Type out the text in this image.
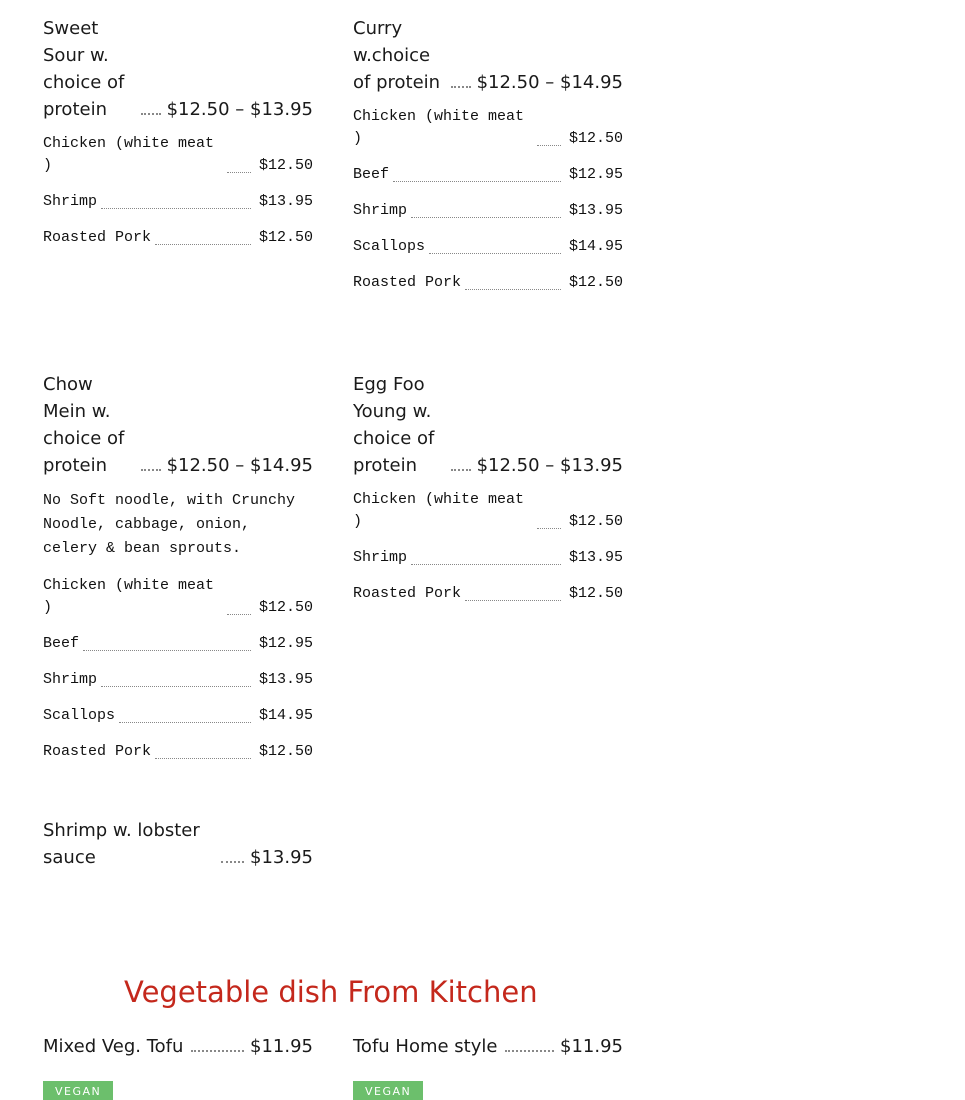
Sweet Sour w. choice of protein	$12.50 – $13.95
Chicken (white meat )	$12.50
Shrimp	$13.95
Roasted Pork	$12.50
Curry w.choice of protein $12.50 – $14.95
Chicken (white meat )	$12.50
Beef	$12.95
Shrimp	$13.95
Scallops	$14.95
Roasted Pork	$12.50
Chow Mein w. choice of protein	$12.50 – $14.95
No Soft noodle, with Crunchy Noodle, cabbage, onion, celery & bean sprouts.
Chicken (white meat )	$12.50
Beef	$12.95
Shrimp	$13.95
Scallops	$14.95
Roasted Pork	$12.50
Egg Foo Young w. choice of protein	$12.50 – $13.95
Chicken (white meat )	$12.50
Shrimp	$13.95
Roasted Pork	$12.50
Shrimp w. lobster sauce	$13.95
Vegetable dish From Kitchen
Mixed Veg. Tofu	$11.95
VEGAN
Tofu Home style	$11.95
VEGAN
